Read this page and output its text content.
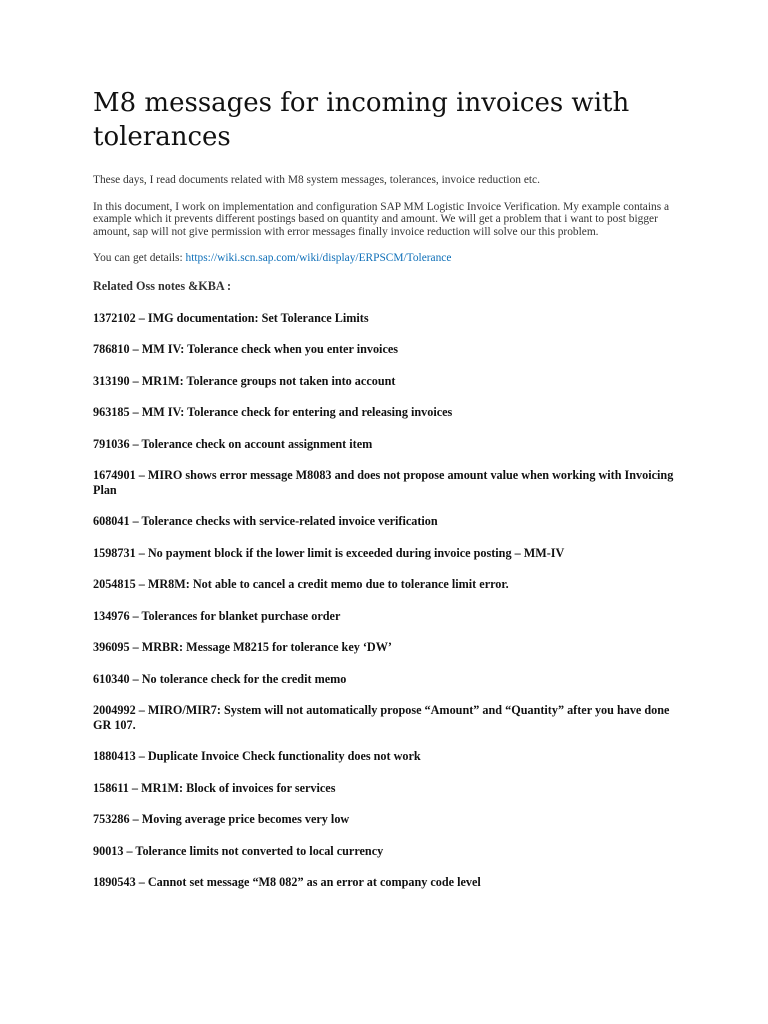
M8 messages for incoming invoices with tolerances

These days, I read documents related with M8 system messages, tolerances, invoice reduction etc.

In this document, I work on implementation and configuration SAP MM Logistic Invoice Verification. My example contains a example which it prevents different postings based on quantity and amount. We will get a problem that i want to post bigger amount, sap will not give permission with error messages finally invoice reduction will solve our this problem.

You can get details: https://wiki.scn.sap.com/wiki/display/ERPSCM/Tolerance

Related Oss notes &KBA :

1372102 – IMG documentation: Set Tolerance Limits
786810 – MM IV: Tolerance check when you enter invoices
313190 – MR1M: Tolerance groups not taken into account
963185 – MM IV: Tolerance check for entering and releasing invoices
791036 – Tolerance check on account assignment item
1674901 – MIRO shows error message M8083 and does not propose amount value when working with Invoicing Plan
608041 – Tolerance checks with service-related invoice verification
1598731 – No payment block if the lower limit is exceeded during invoice posting – MM-IV
2054815 – MR8M: Not able to cancel a credit memo due to tolerance limit error.
134976 – Tolerances for blanket purchase order
396095 – MRBR: Message M8215 for tolerance key ‘DW’
610340 – No tolerance check for the credit memo
2004992 – MIRO/MIR7: System will not automatically propose “Amount” and “Quantity” after you have done GR 107.
1880413 – Duplicate Invoice Check functionality does not work
158611 – MR1M: Block of invoices for services
753286 – Moving average price becomes very low
90013 – Tolerance limits not converted to local currency
1890543 – Cannot set message “M8 082” as an error at company code level
